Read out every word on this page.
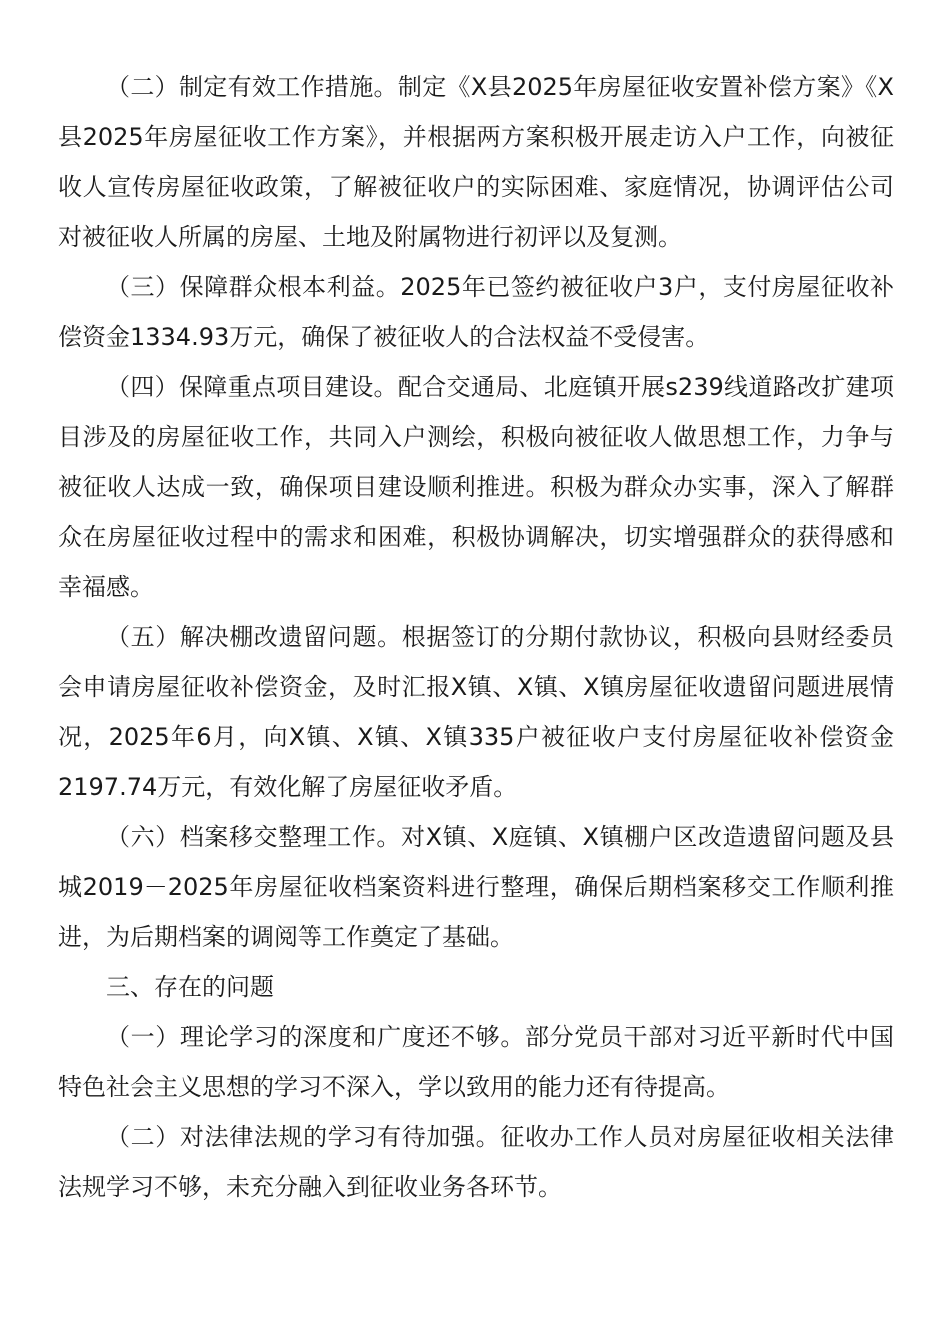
（二）制定有效工作措施。制定《X县2025年房屋征收安置补偿方案》《X县2025年房屋征收工作方案》，并根据两方案积极开展走访入户工作，向被征收人宣传房屋征收政策，了解被征收户的实际困难、家庭情况，协调评估公司对被征收人所属的房屋、土地及附属物进行初评以及复测。

（三）保障群众根本利益。2025年已签约被征收户3户，支付房屋征收补偿资金1334.93万元，确保了被征收人的合法权益不受侵害。

（四）保障重点项目建设。配合交通局、北庭镇开展s239线道路改扩建项目涉及的房屋征收工作，共同入户测绘，积极向被征收人做思想工作，力争与被征收人达成一致，确保项目建设顺利推进。积极为群众办实事，深入了解群众在房屋征收过程中的需求和困难，积极协调解决，切实增强群众的获得感和幸福感。

（五）解决棚改遗留问题。根据签订的分期付款协议，积极向县财经委员会申请房屋征收补偿资金，及时汇报X镇、X镇、X镇房屋征收遗留问题进展情况，2025年6月，向X镇、X镇、X镇335户被征收户支付房屋征收补偿资金2197.74万元，有效化解了房屋征收矛盾。

（六）档案移交整理工作。对X镇、X庭镇、X镇棚户区改造遗留问题及县城2019－2025年房屋征收档案资料进行整理，确保后期档案移交工作顺利推进，为后期档案的调阅等工作奠定了基础。

三、存在的问题

（一）理论学习的深度和广度还不够。部分党员干部对习近平新时代中国特色社会主义思想的学习不深入，学以致用的能力还有待提高。

（二）对法律法规的学习有待加强。征收办工作人员对房屋征收相关法律法规学习不够，未充分融入到征收业务各环节。
